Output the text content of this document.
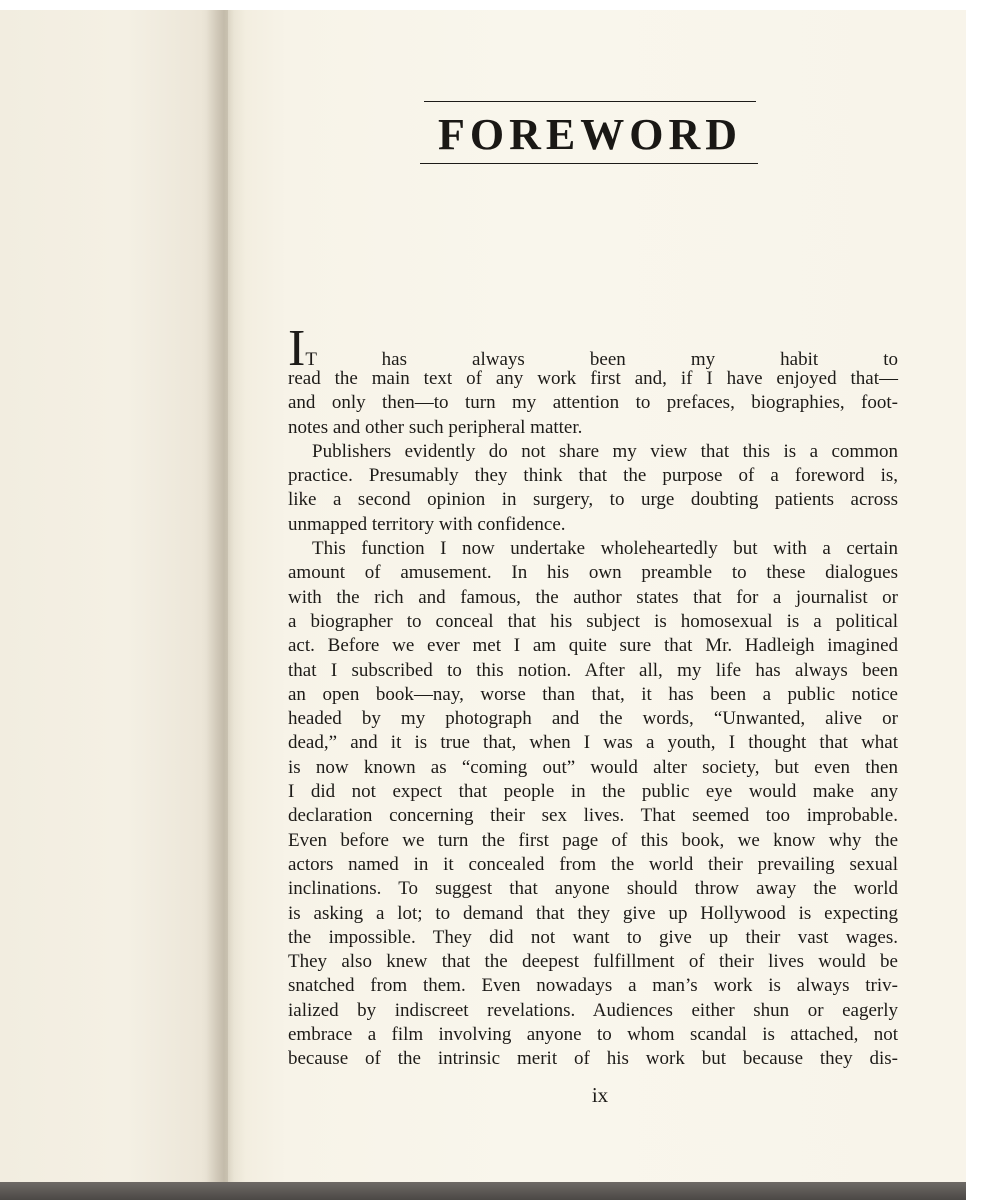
FOREWORD
IT has always been my habit to

read the main text of any work first and, if I have enjoyed that—
and only then—to turn my attention to prefaces, biographies, foot-
notes and other such peripheral matter.

Publishers evidently do not share my view that this is a common
practice. Presumably they think that the purpose of a foreword is,
like a second opinion in surgery, to urge doubting patients across
unmapped territory with confidence.

This function I now undertake wholeheartedly but with a certain
amount of amusement. In his own preamble to these dialogues
with the rich and famous, the author states that for a journalist or
a biographer to conceal that his subject is homosexual is a political
act. Before we ever met I am quite sure that Mr. Hadleigh imagined
that I subscribed to this notion. After all, my life has always been
an open book—nay, worse than that, it has been a public notice
headed by my photograph and the words, “Unwanted, alive or
dead,” and it is true that, when I was a youth, I thought that what
is now known as “coming out” would alter society, but even then
I did not expect that people in the public eye would make any
declaration concerning their sex lives. That seemed too improbable.
Even before we turn the first page of this book, we know why the
actors named in it concealed from the world their prevailing sexual
inclinations. To suggest that anyone should throw away the world
is asking a lot; to demand that they give up Hollywood is expecting
the impossible. They did not want to give up their vast wages.
They also knew that the deepest fulfillment of their lives would be
snatched from them. Even nowadays a man’s work is always triv-
ialized by indiscreet revelations. Audiences either shun or eagerly
embrace a film involving anyone to whom scandal is attached, not
because of the intrinsic merit of his work but because they dis-

ix
